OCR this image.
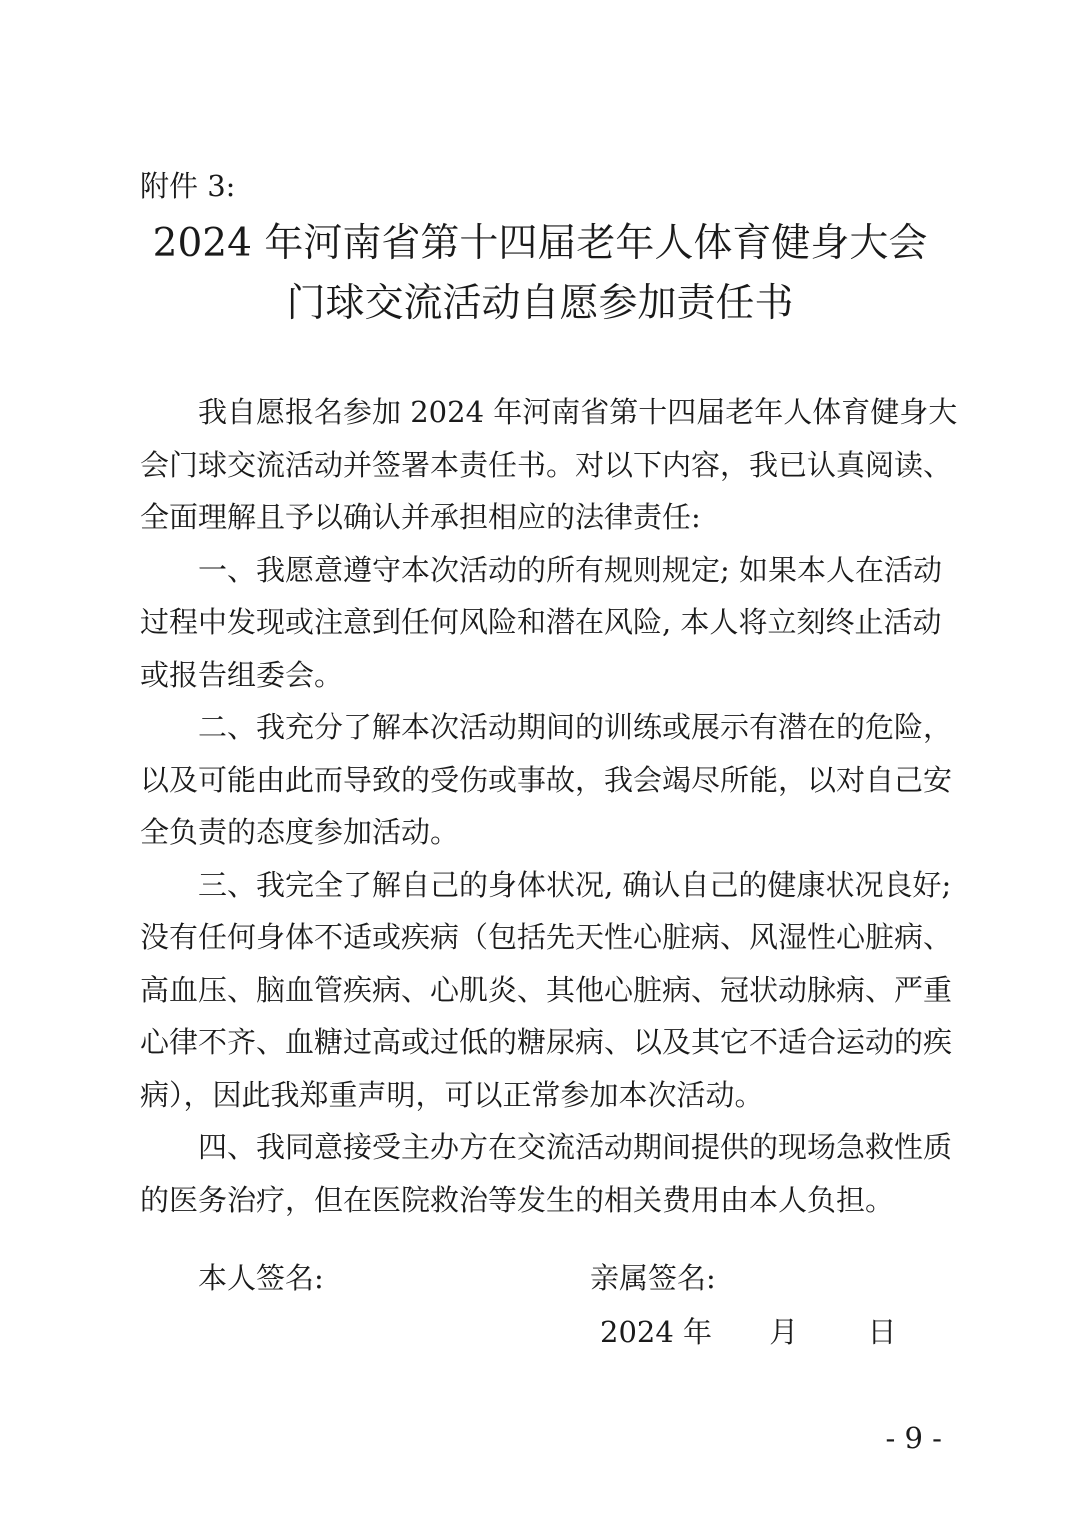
附件 3:
2024 年河南省第十四届老年人体育健身大会
门球交流活动自愿参加责任书
我自愿报名参加 2024 年河南省第十四届老年人体育健身大
会门球交流活动并签署本责任书。对以下内容，我已认真阅读、
全面理解且予以确认并承担相应的法律责任:
一、我愿意遵守本次活动的所有规则规定; 如果本人在活动
过程中发现或注意到任何风险和潜在风险, 本人将立刻终止活动
或报告组委会。
二、我充分了解本次活动期间的训练或展示有潜在的危险，
以及可能由此而导致的受伤或事故，我会竭尽所能，以对自己安
全负责的态度参加活动。
三、我完全了解自己的身体状况, 确认自己的健康状况良好;
没有任何身体不适或疾病（包括先天性心脏病、风湿性心脏病、
高血压、脑血管疾病、心肌炎、其他心脏病、冠状动脉病、严重
心律不齐、血糖过高或过低的糖尿病、以及其它不适合运动的疾
病），因此我郑重声明，可以正常参加本次活动。
四、我同意接受主办方在交流活动期间提供的现场急救性质
的医务治疗，但在医院救治等发生的相关费用由本人负担。
本人签名:	亲属签名:
2024 年 月 日
- 9 -
